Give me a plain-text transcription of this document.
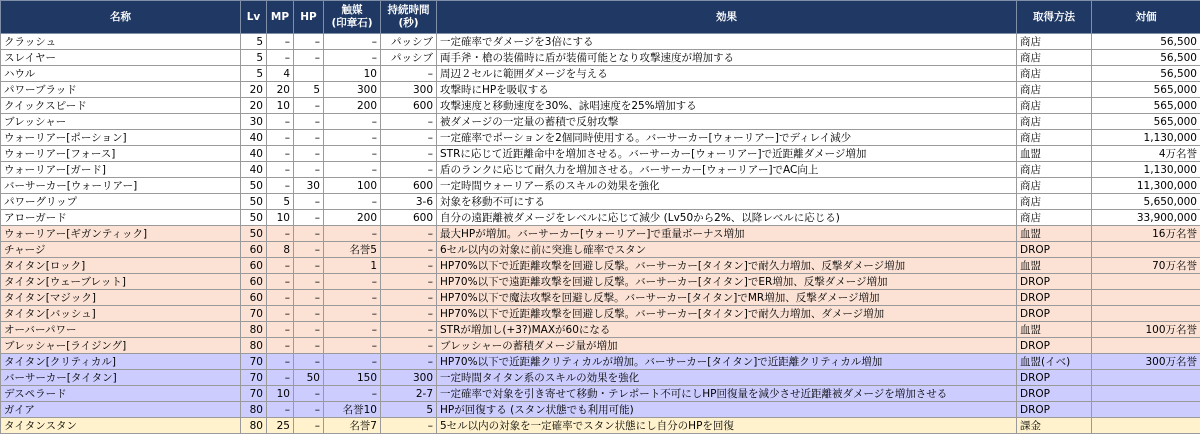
名称	Lv	MP	HP	触媒
(印章石)	持続時間
(秒)	効果	取得方法	対価
クラッシュ	5	–	–	–	パッシブ	一定確率でダメージを3倍にする	商店	56,500
スレイヤー	5	–	–	–	パッシブ	両手斧・槍の装備時に盾が装備可能となり攻撃速度が増加する	商店	56,500
ハウル	5	4		10	–	周辺２セルに範囲ダメージを与える	商店	56,500
パワーブラッド	20	20	5	300	300	攻撃時にHPを吸収する	商店	565,000
クイックスピード	20	10	–	200	600	攻撃速度と移動速度を30%、詠唱速度を25%増加する	商店	565,000
ブレッシャー	30	–	–	–	–	被ダメージの一定量の蓄積で反射攻撃	商店	565,000
ウォーリアー[ポーション]	40	–	–	–	–	一定確率でポーションを2個同時使用する。バーサーカー[ウォーリアー]でディレイ減少	商店	1,130,000
ウォーリアー[フォース]	40	–	–	–	–	STRに応じて近距離命中を増加させる。バーサーカー[ウォーリアー]で近距離ダメージ増加	血盟	4万名誉
ウォーリアー[ガード]	40	–	–	–	–	盾のランクに応じて耐久力を増加させる。バーサーカー[ウォーリアー]でAC向上	商店	1,130,000
バーサーカー[ウォーリアー]	50	–	30	100	600	一定時間ウォーリアー系のスキルの効果を強化	商店	11,300,000
パワーグリップ	50	5	–	–	3-6	対象を移動不可にする	商店	5,650,000
アローガード	50	10	–	200	600	自分の遠距離被ダメージをレベルに応じて減少 (Lv50から2%、以降レベルに応じる)	商店	33,900,000
ウォーリアー[ギガンティック]	50	–	–	–	–	最大HPが増加。バーサーカー[ウォーリアー]で重量ボーナス増加	血盟	16万名誉
チャージ	60	8	–	名誉5	–	6セル以内の対象に前に突進し確率でスタン	DROP	
タイタン[ロック]	60	–	–	1	–	HP70%以下で近距離攻撃を回避し反撃。バーサーカー[タイタン]で耐久力増加、反撃ダメージ増加	血盟	70万名誉
タイタン[ウェーブレット]	60	–	–	–	–	HP70%以下で遠距離攻撃を回避し反撃。バーサーカー[タイタン]でER増加、反撃ダメージ増加	DROP	
タイタン[マジック]	60	–	–	–	–	HP70%以下で魔法攻撃を回避し反撃。バーサーカー[タイタン]でMR増加、反撃ダメージ増加	DROP	
タイタン[バッシュ]	70	–	–	–	–	HP70%以下で近距離攻撃を回避し反撃。バーサーカー[タイタン]で耐久力増加、ダメージ増加	DROP	
オーバーパワー	80	–	–	–	–	STRが増加し(+3?)MAXが60になる	血盟	100万名誉
ブレッシャー[ライジング]	80	–	–	–	–	ブレッシャーの蓄積ダメージ量が増加	DROP	
タイタン[クリティカル]	70	–	–	–	–	HP70%以下で近距離クリティカルが増加。バーサーカー[タイタン]で近距離クリティカル増加	血盟(イベ)	300万名誉
バーサーカー[タイタン]	70	–	50	150	300	一定時間タイタン系のスキルの効果を強化	DROP	
デスペラード	70	10	–	–	2-7	一定確率で対象を引き寄せて移動・テレポート不可にしHP回復量を減少させ近距離被ダメージを増加させる	DROP	
ガイア	80	–	–	名誉10	5	HPが回復する (スタン状態でも利用可能)	DROP	
タイタンスタン	80	25	–	名誉7	–	5セル以内の対象を一定確率でスタン状態にし自分のHPを回復	課金	
